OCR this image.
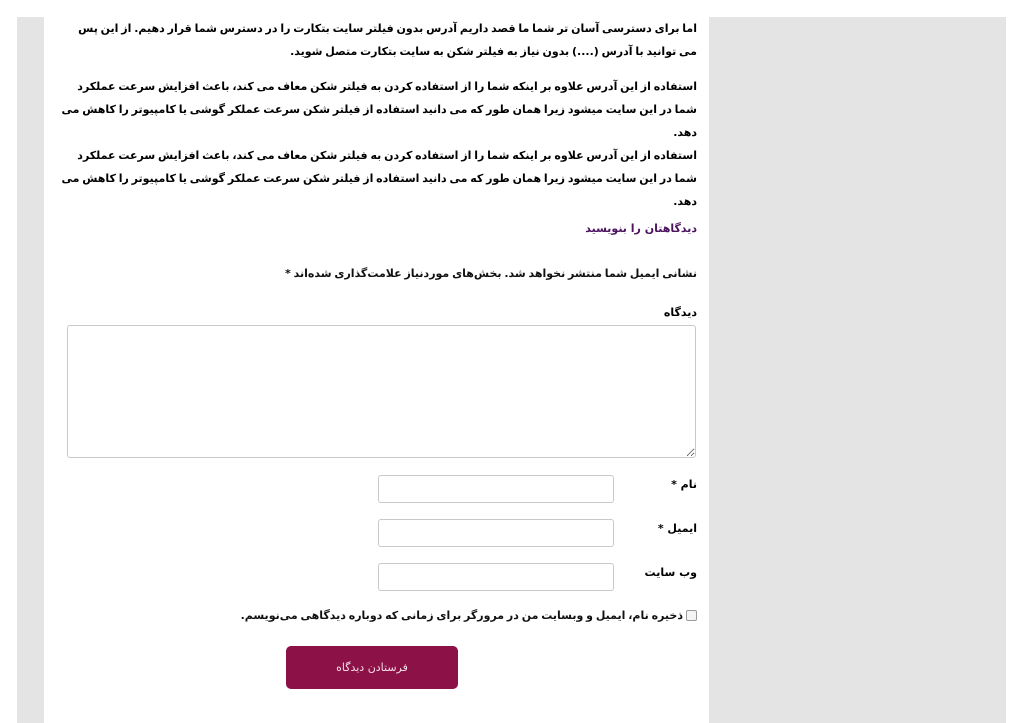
اما برای دسترسی آسان تر شما ما قصد داریم آدرس بدون فیلتر سایت بتکارت را در دسترس شما قرار دهیم. از این پس می توانید با آدرس (....) بدون نیاز به فیلتر شکن به سایت بتکارت متصل شوید.

استفاده از این آدرس علاوه بر اینکه شما را از استفاده کردن به فیلتر شکن معاف می کند، باعث افزایش سرعت عملکرد شما در این سایت میشود زیرا همان طور که می دانید استفاده از فیلتر شکن سرعت عملکر گوشی یا کامپیوتر را کاهش می دهد.

استفاده از این آدرس علاوه بر اینکه شما را از استفاده کردن به فیلتر شکن معاف می کند، باعث افزایش سرعت عملکرد شما در این سایت میشود زیرا همان طور که می دانید استفاده از فیلتر شکن سرعت عملکر گوشی یا کامپیوتر را کاهش می دهد.

دیدگاهتان را بنویسید
نشانی ایمیل شما منتشر نخواهد شد. بخش‌های موردنیاز علامت‌گذاری شده‌اند *
دیدگاه
نام *
ایمیل *
وب سایت
ذخیره نام، ایمیل و وبسایت من در مرورگر برای زمانی که دوباره دیدگاهی می‌نویسم.
فرستادن دیدگاه
